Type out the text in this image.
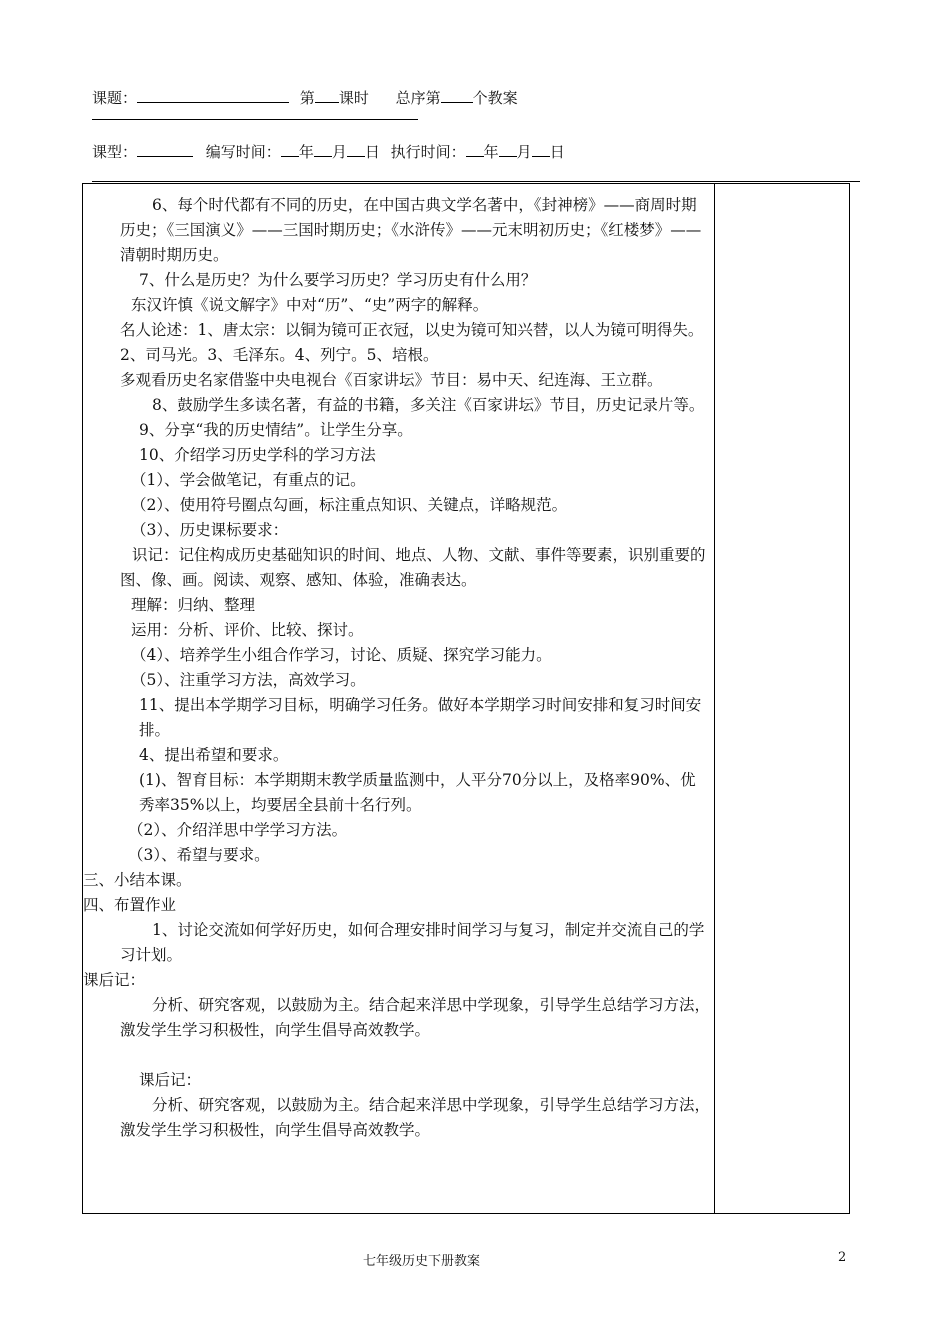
课题：	第 课时 总序第 个教案
课型：	编写时间： 年 月 日 执行时间： 年 月 日

6、每个时代都有不同的历史，在中国古典文学名著中，《封神榜》——商周时期历史；《三国演义》——三国时期历史；《水浒传》——元末明初历史；《红楼梦》——清朝时期历史。

7、什么是历史？为什么要学习历史？学习历史有什么用？

东汉许慎《说文解字》中对“历”、“史”两字的解释。

名人论述：1、唐太宗：以铜为镜可正衣冠，以史为镜可知兴替，以人为镜可明得失。2、司马光。3、毛泽东。4、列宁。5、培根。

多观看历史名家借鉴中央电视台《百家讲坛》节目：易中天、纪连海、王立群。

8、鼓励学生多读名著，有益的书籍，多关注《百家讲坛》节目，历史记录片等。

9、分享“我的历史情结”。让学生分享。

10、介绍学习历史学科的学习方法

（1）、学会做笔记，有重点的记。

（2）、使用符号圈点勾画，标注重点知识、关键点，详略规范。

（3）、历史课标要求：

识记：记住构成历史基础知识的时间、地点、人物、文献、事件等要素，识别重要的图、像、画。阅读、观察、感知、体验，准确表达。

理解：归纳、整理

运用：分析、评价、比较、探讨。

（4）、培养学生小组合作学习，讨论、质疑、探究学习能力。

（5）、注重学习方法，高效学习。

11、提出本学期学习目标，明确学习任务。做好本学期学习时间安排和复习时间安排。

4、提出希望和要求。

(1)、智育目标：本学期期末教学质量监测中，人平分70分以上，及格率90%、优秀率35%以上，均要居全县前十名行列。

（2）、介绍洋思中学学习方法。

（3）、希望与要求。

三、小结本课。

四、布置作业

1、讨论交流如何学好历史，如何合理安排时间学习与复习，制定并交流自己的学习计划。

课后记：

分析、研究客观，以鼓励为主。结合起来洋思中学现象，引导学生总结学习方法，激发学生学习积极性，向学生倡导高效教学。

课后记：

分析、研究客观，以鼓励为主。结合起来洋思中学现象，引导学生总结学习方法，激发学生学习积极性，向学生倡导高效教学。

七年级历史下册教案	2
